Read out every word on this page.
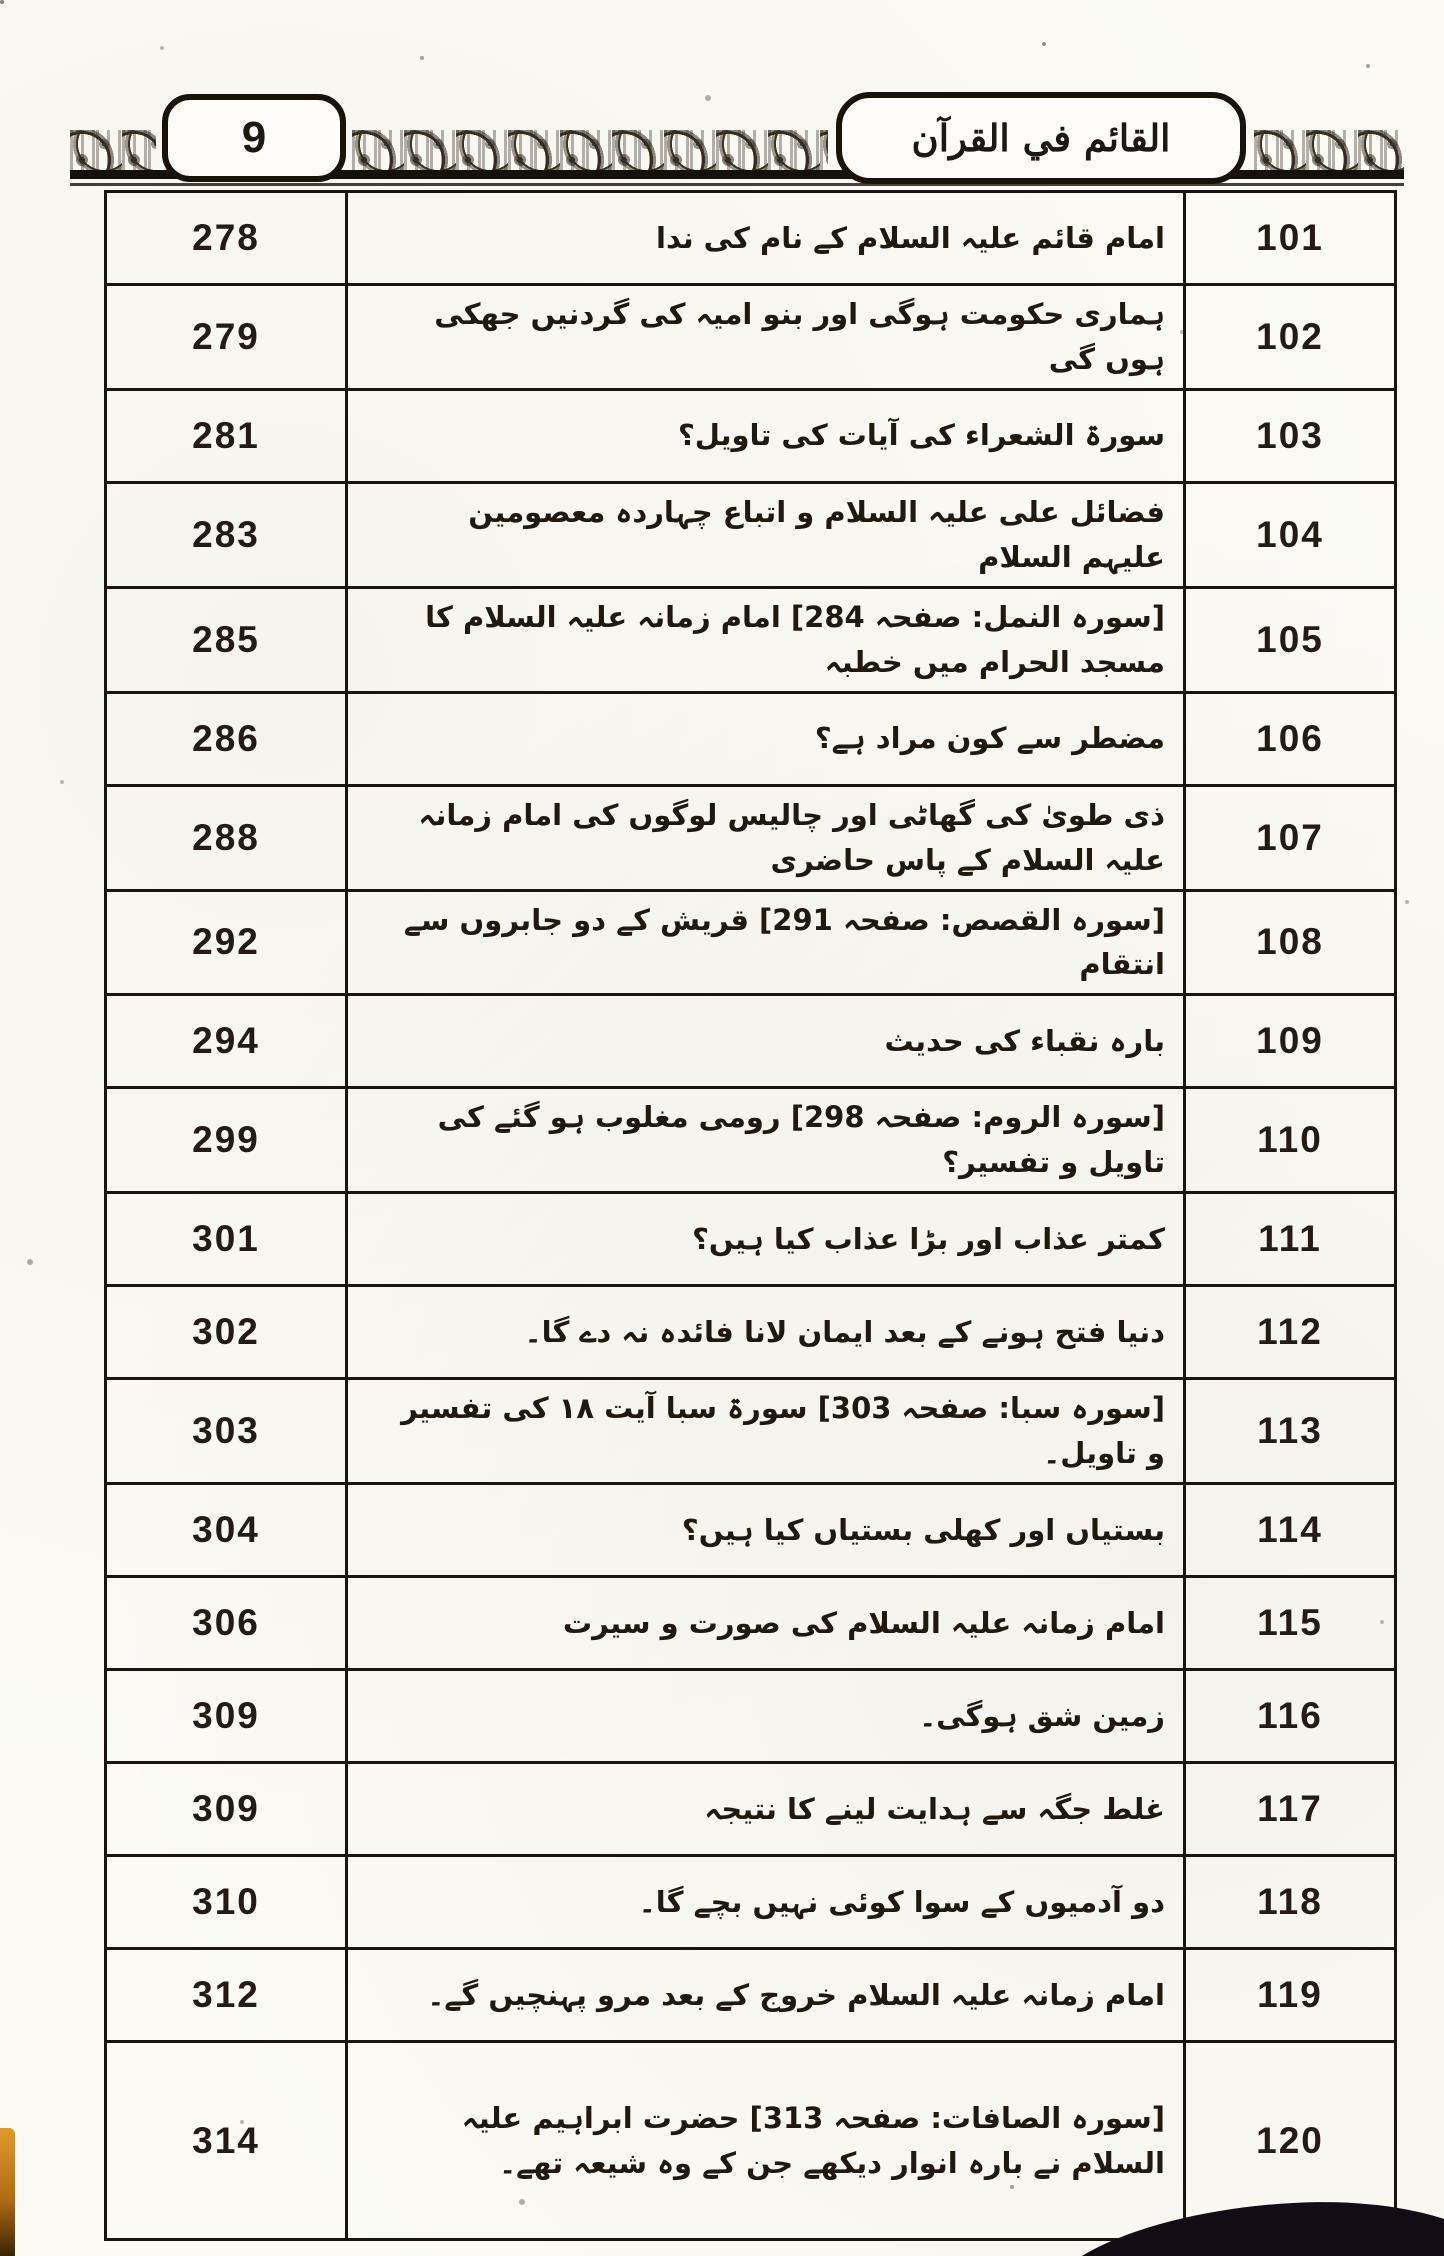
9	القائم في القرآن
278	امام قائم علیہ السلام کے نام کی ندا	101
279	ہماری حکومت ہوگی اور بنو امیہ کی گردنیں جھکی ہوں گی	102
281	سورۃ الشعراء کی آیات کی تاویل؟	103
283	فضائل علی علیہ السلام و اتباع چہاردہ معصومین علیہم السلام	104
285	[سورہ النمل: صفحہ 284] امام زمانہ علیہ السلام کا مسجد الحرام میں خطبہ	105
286	مضطر سے کون مراد ہے؟	106
288	ذی طویٰ کی گھاٹی اور چالیس لوگوں کی امام زمانہ علیہ السلام کے پاس حاضری	107
292	[سورہ القصص: صفحہ 291] قریش کے دو جابروں سے انتقام	108
294	بارہ نقباء کی حدیث	109
299	[سورہ الروم: صفحہ 298] رومی مغلوب ہو گئے کی تاویل و تفسیر؟	110
301	کمتر عذاب اور بڑا عذاب کیا ہیں؟	111
302	دنیا فتح ہونے کے بعد ایمان لانا فائدہ نہ دے گا۔	112
303	[سورہ سبا: صفحہ 303] سورۃ سبا آیت ۱۸ کی تفسیر و تاویل۔	113
304	بستیاں اور کھلی بستیاں کیا ہیں؟	114
306	امام زمانہ علیہ السلام کی صورت و سیرت	115
309	زمین شق ہوگی۔	116
309	غلط جگہ سے ہدایت لینے کا نتیجہ	117
310	دو آدمیوں کے سوا کوئی نہیں بچے گا۔	118
312	امام زمانہ علیہ السلام خروج کے بعد مرو پہنچیں گے۔	119
314	[سورہ الصافات: صفحہ 313] حضرت ابراہیم علیہ السلام نے بارہ انوار دیکھے جن کے وہ شیعہ تھے۔	120
